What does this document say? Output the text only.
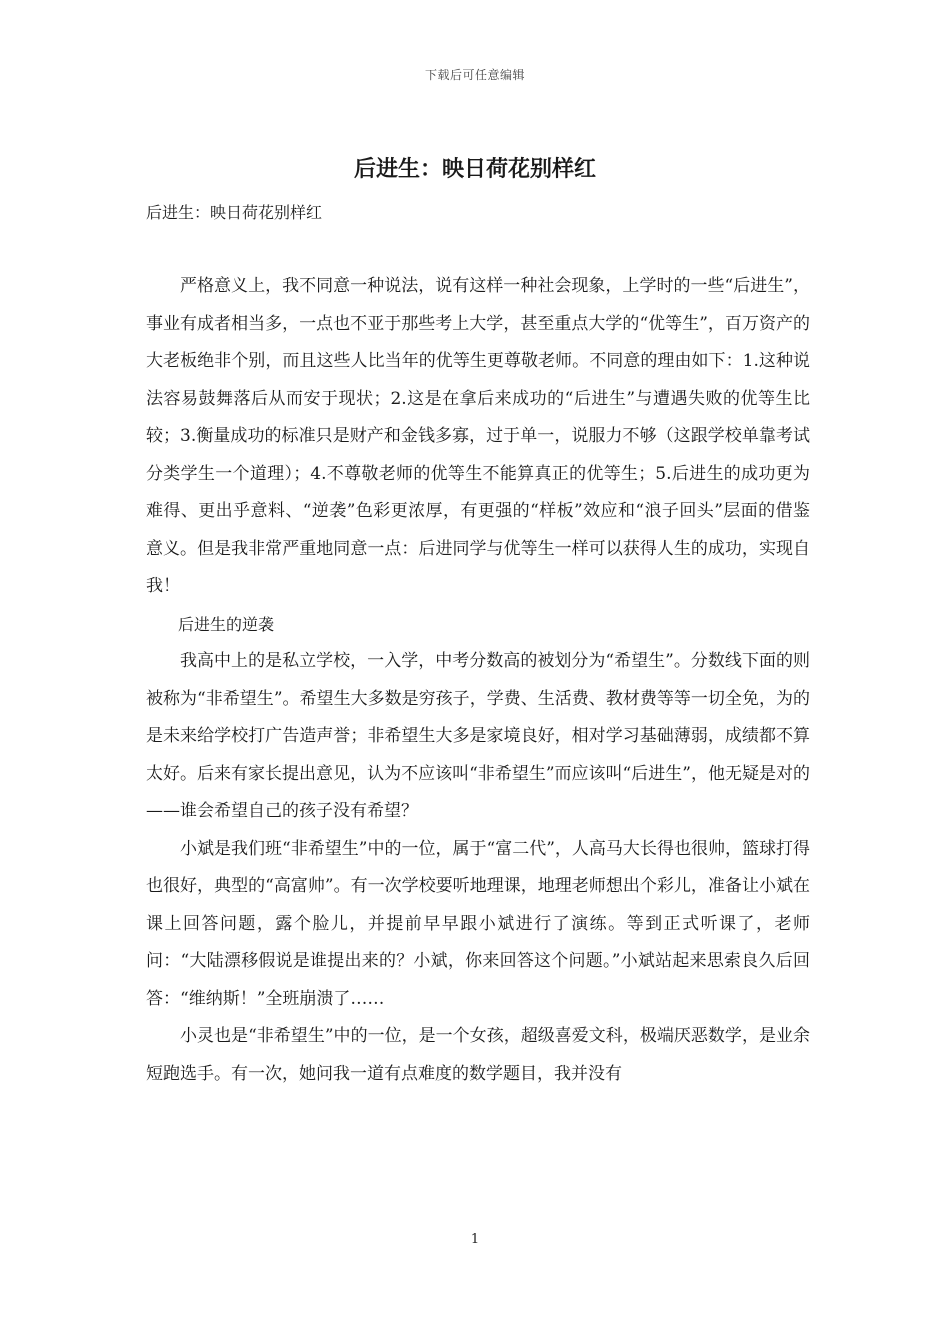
下载后可任意编辑
后进生：映日荷花别样红
后进生：映日荷花别样红

严格意义上，我不同意一种说法，说有这样一种社会现象，上学时的一些“后进生”，事业有成者相当多，一点也不亚于那些考上大学，甚至重点大学的“优等生”，百万资产的大老板绝非个别，而且这些人比当年的优等生更尊敬老师。不同意的理由如下：1.这种说法容易鼓舞落后从而安于现状；2.这是在拿后来成功的“后进生”与遭遇失败的优等生比较；3.衡量成功的标准只是财产和金钱多寡，过于单一，说服力不够（这跟学校单靠考试分类学生一个道理）；4.不尊敬老师的优等生不能算真正的优等生；5.后进生的成功更为难得、更出乎意料、“逆袭”色彩更浓厚，有更强的“样板”效应和“浪子回头”层面的借鉴意义。但是我非常严重地同意一点：后进同学与优等生一样可以获得人生的成功，实现自我！

后进生的逆袭

我高中上的是私立学校，一入学，中考分数高的被划分为“希望生”。分数线下面的则被称为“非希望生”。希望生大多数是穷孩子，学费、生活费、教材费等等一切全免，为的是未来给学校打广告造声誉；非希望生大多是家境良好，相对学习基础薄弱，成绩都不算太好。后来有家长提出意见，认为不应该叫“非希望生”而应该叫“后进生”，他无疑是对的——谁会希望自己的孩子没有希望？

小斌是我们班“非希望生”中的一位，属于“富二代”，人高马大长得也很帅，篮球打得也很好，典型的“高富帅”。有一次学校要听地理课，地理老师想出个彩儿，准备让小斌在课上回答问题，露个脸儿，并提前早早跟小斌进行了演练。等到正式听课了，老师问：“大陆漂移假说是谁提出来的？小斌，你来回答这个问题。”小斌站起来思索良久后回答：“维纳斯！”全班崩溃了……

小灵也是“非希望生”中的一位，是一个女孩，超级喜爱文科，极端厌恶数学，是业余短跑选手。有一次，她问我一道有点难度的数学题目，我并没有

1
